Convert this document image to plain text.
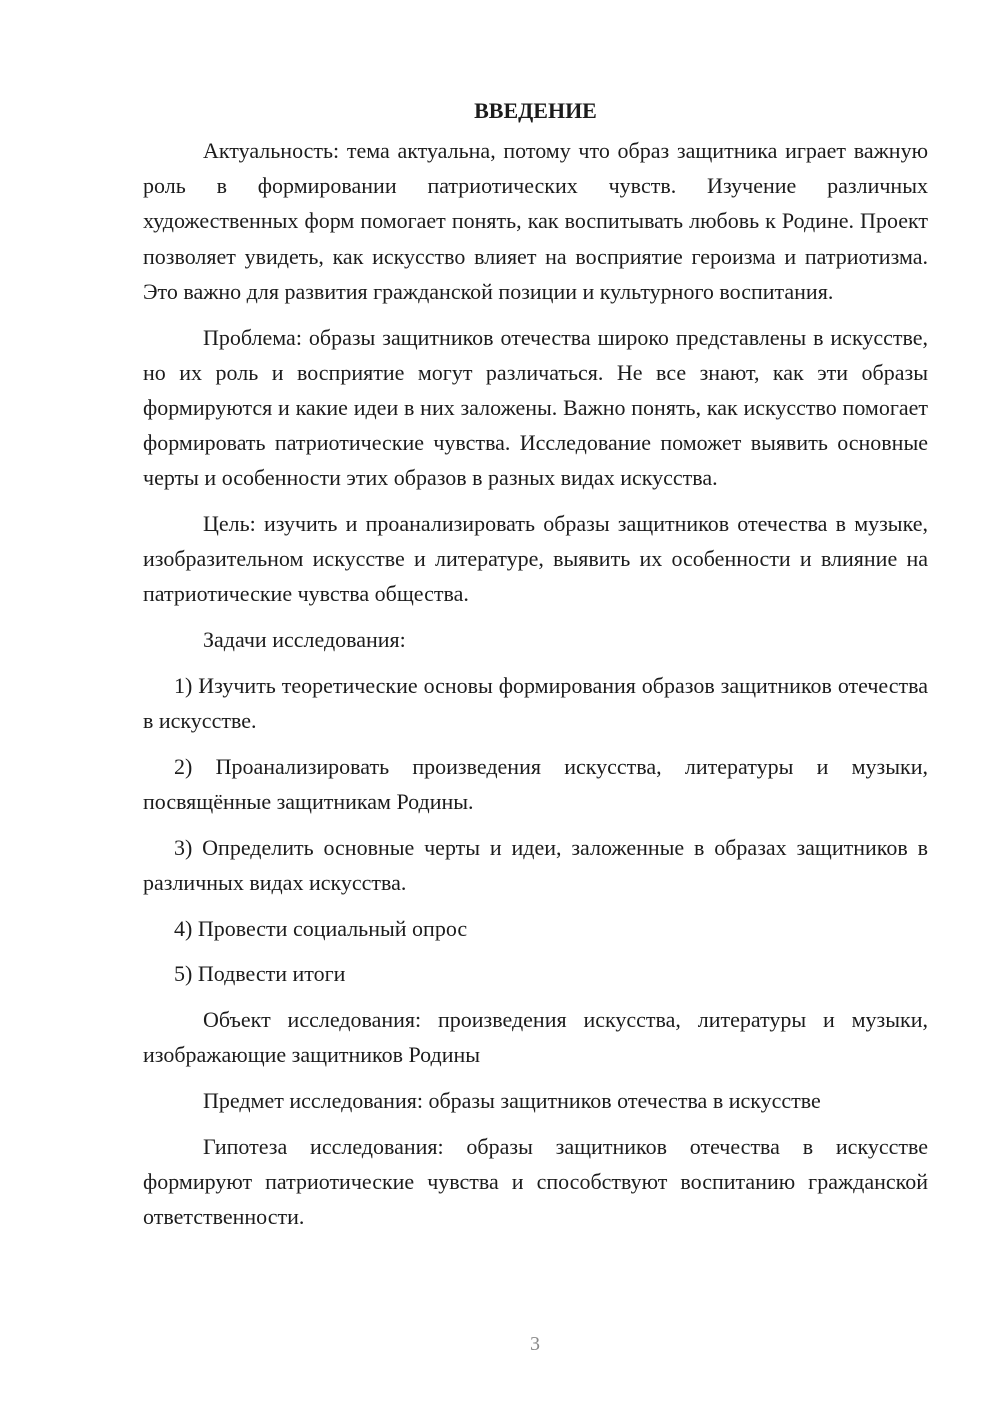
ВВЕДЕНИЕ

Актуальность: тема актуальна, потому что образ защитника играет важную роль в формировании патриотических чувств. Изучение различных художественных форм помогает понять, как воспитывать любовь к Родине. Проект позволяет увидеть, как искусство влияет на восприятие героизма и патриотизма. Это важно для развития гражданской позиции и культурного воспитания.

Проблема: образы защитников отечества широко представлены в искусстве, но их роль и восприятие могут различаться. Не все знают, как эти образы формируются и какие идеи в них заложены. Важно понять, как искусство помогает формировать патриотические чувства. Исследование поможет выявить основные черты и особенности этих образов в разных видах искусства.

Цель: изучить и проанализировать образы защитников отечества в музыке, изобразительном искусстве и литературе, выявить их особенности и влияние на патриотические чувства общества.

Задачи исследования:

1) Изучить теоретические основы формирования образов защитников отечества в искусстве.

2) Проанализировать произведения искусства, литературы и музыки, посвящённые защитникам Родины.

3) Определить основные черты и идеи, заложенные в образах защитников в различных видах искусства.

4) Провести социальный опрос

5) Подвести итоги

Объект исследования: произведения искусства, литературы и музыки, изображающие защитников Родины

Предмет исследования: образы защитников отечества в искусстве

Гипотеза исследования: образы защитников отечества в искусстве формируют патриотические чувства и способствуют воспитанию гражданской ответственности.

3
